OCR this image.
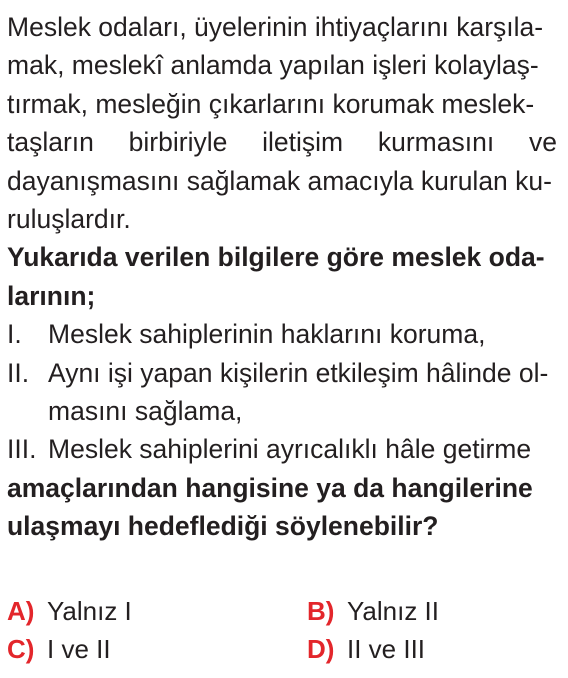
Meslek odaları, üyelerinin ihtiyaçlarını karşıla-
mak, meslekî anlamda yapılan işleri kolaylaş-
tırmak, mesleğin çıkarlarını korumak meslek-
taşların birbiriyle iletişim kurmasını ve
dayanışmasını sağlamak amacıyla kurulan ku-
ruluşlardır.
Yukarıda verilen bilgilere göre meslek oda-
larının;
I. Meslek sahiplerinin haklarını koruma,
II. Aynı işi yapan kişilerin etkileşim hâlinde ol-
masını sağlama,
III. Meslek sahiplerini ayrıcalıklı hâle getirme
amaçlarından hangisine ya da hangilerine
ulaşmayı hedeflediği söylenebilir?
A) Yalnız I	B) Yalnız II
C) I ve II	D) II ve III
